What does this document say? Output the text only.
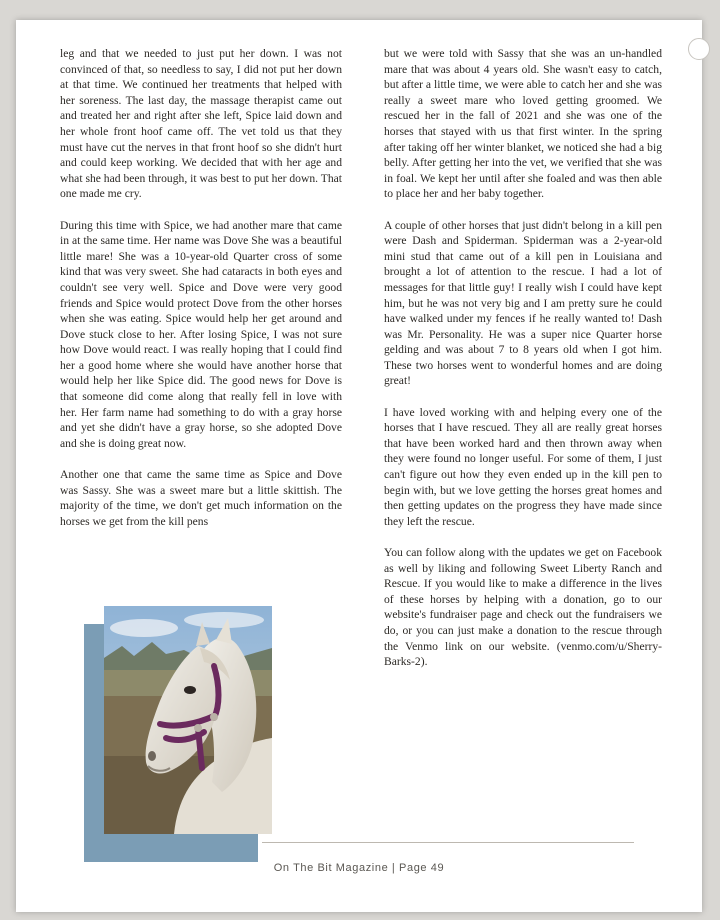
leg and that we needed to just put her down. I was not convinced of that, so needless to say, I did not put her down at that time. We continued her treatments that helped with her soreness. The last day, the massage therapist came out and treated her and right after she left, Spice laid down and her whole front hoof came off. The vet told us that they must have cut the nerves in that front hoof so she didn't hurt and could keep working. We decided that with her age and what she had been through, it was best to put her down. That one made me cry.

During this time with Spice, we had another mare that came in at the same time. Her name was Dove She was a beautiful little mare! She was a 10-year-old Quarter cross of some kind that was very sweet. She had cataracts in both eyes and couldn't see very well. Spice and Dove were very good friends and Spice would protect Dove from the other horses when she was eating. Spice would help her get around and Dove stuck close to her. After losing Spice, I was not sure how Dove would react. I was really hoping that I could find her a good home where she would have another horse that would help her like Spice did. The good news for Dove is that someone did come along that really fell in love with her. Her farm name had something to do with a gray horse and yet she didn't have a gray horse, so she adopted Dove and she is doing great now.

Another one that came the same time as Spice and Dove was Sassy. She was a sweet mare but a little skittish. The majority of the time, we don't get much information on the horses we get from the kill pens

but we were told with Sassy that she was an un-handled mare that was about 4 years old. She wasn't easy to catch, but after a little time, we were able to catch her and she was really a sweet mare who loved getting groomed. We rescued her in the fall of 2021 and she was one of the horses that stayed with us that first winter. In the spring after taking off her winter blanket, we noticed she had a big belly. After getting her into the vet, we verified that she was in foal. We kept her until after she foaled and was then able to place her and her baby together.

A couple of other horses that just didn't belong in a kill pen were Dash and Spiderman. Spiderman was a 2-year-old mini stud that came out of a kill pen in Louisiana and brought a lot of attention to the rescue. I had a lot of messages for that little guy! I really wish I could have kept him, but he was not very big and I am pretty sure he could have walked under my fences if he really wanted to! Dash was Mr. Personality. He was a super nice Quarter horse gelding and was about 7 to 8 years old when I got him. These two horses went to wonderful homes and are doing great!

I have loved working with and helping every one of the horses that I have rescued. They all are really great horses that have been worked hard and then thrown away when they were found no longer useful. For some of them, I just can't figure out how they even ended up in the kill pen to begin with, but we love getting the horses great homes and then getting updates on the progress they have made since they left the rescue.

You can follow along with the updates we get on Facebook as well by liking and following Sweet Liberty Ranch and Rescue. If you would like to make a difference in the lives of these horses by helping with a donation, go to our website's fundraiser page and check out the fundraisers we do, or you can just make a donation to the rescue through the Venmo link on our website. (venmo.com/u/Sherry-Barks-2).

On The Bit Magazine | Page 49
